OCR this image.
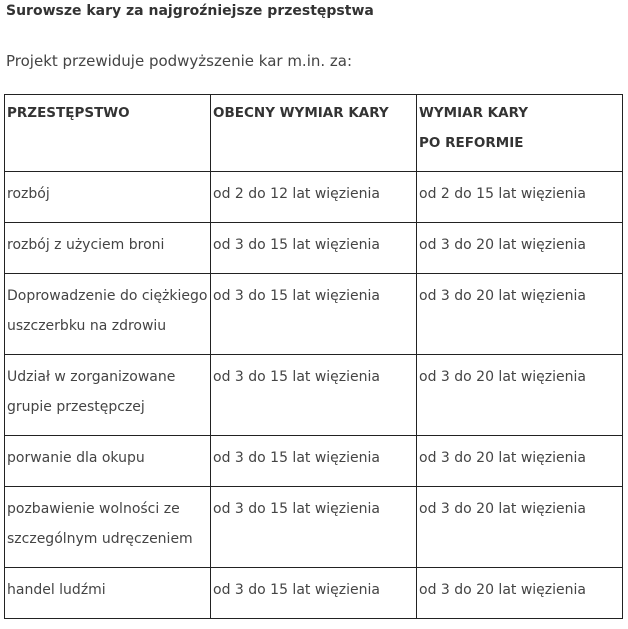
Surowsze kary za najgroźniejsze przestępstwa
Projekt przewiduje podwyższenie kar m.in. za:
PRZESTĘPSTWO	OBECNY WYMIAR KARY	WYMIAR KARY
PO REFORMIE

rozbój	od 2 do 12 lat więzienia	od 2 do 15 lat więzienia

rozbój z użyciem broni	od 3 do 15 lat więzienia	od 3 do 20 lat więzienia

Doprowadzenie do ciężkiego
uszczerbku na zdrowiu	od 3 do 15 lat więzienia	od 3 do 20 lat więzienia

Udział w zorganizowane
grupie przestępczej	od 3 do 15 lat więzienia	od 3 do 20 lat więzienia

porwanie dla okupu	od 3 do 15 lat więzienia	od 3 do 20 lat więzienia

pozbawienie wolności ze
szczególnym udręczeniem	od 3 do 15 lat więzienia	od 3 do 20 lat więzienia

handel ludźmi	od 3 do 15 lat więzienia	od 3 do 20 lat więzienia
